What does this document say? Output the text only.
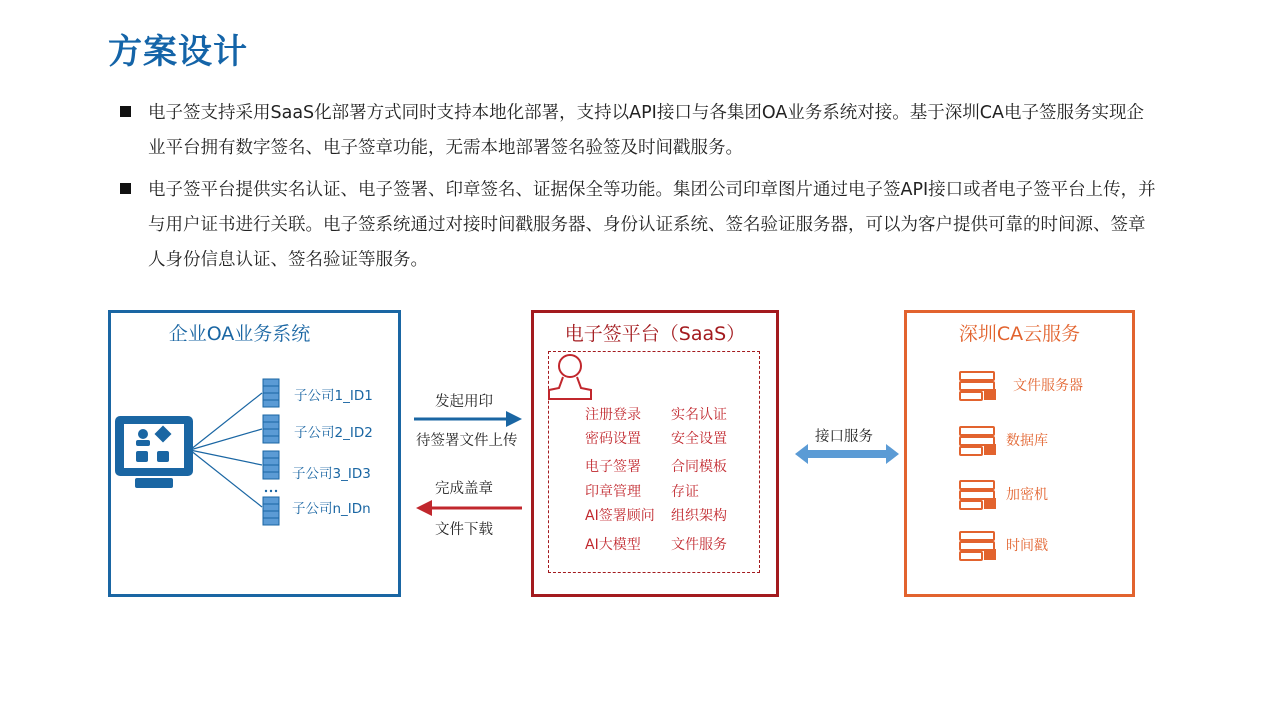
方案设计
电子签支持采用SaaS化部署方式同时支持本地化部署，支持以API接口与各集团OA业务系统对接。基于深圳CA电子签服务实现企业平台拥有数字签名、电子签章功能，无需本地部署签名验签及时间戳服务。
电子签平台提供实名认证、电子签署、印章签名、证据保全等功能。集团公司印章图片通过电子签API接口或者电子签平台上传，并与用户证书进行关联。电子签系统通过对接时间戳服务器、身份认证系统、签名验证服务器，可以为客户提供可靠的时间源、签章人身份信息认证、签名验证等服务。
企业OA业务系统	电子签平台（SaaS）	深圳CA云服务
子公司1_ID1
子公司2_ID2
子公司3_ID3
子公司n_IDn
注册登录 实名认证
密码设置 安全设置
电子签署 合同模板
印章管理 存证
AI签署顾问 组织架构
AI大模型 文件服务
文件服务器
数据库
加密机
时间戳
发起用印
待签署文件上传
完成盖章
文件下载
接口服务
